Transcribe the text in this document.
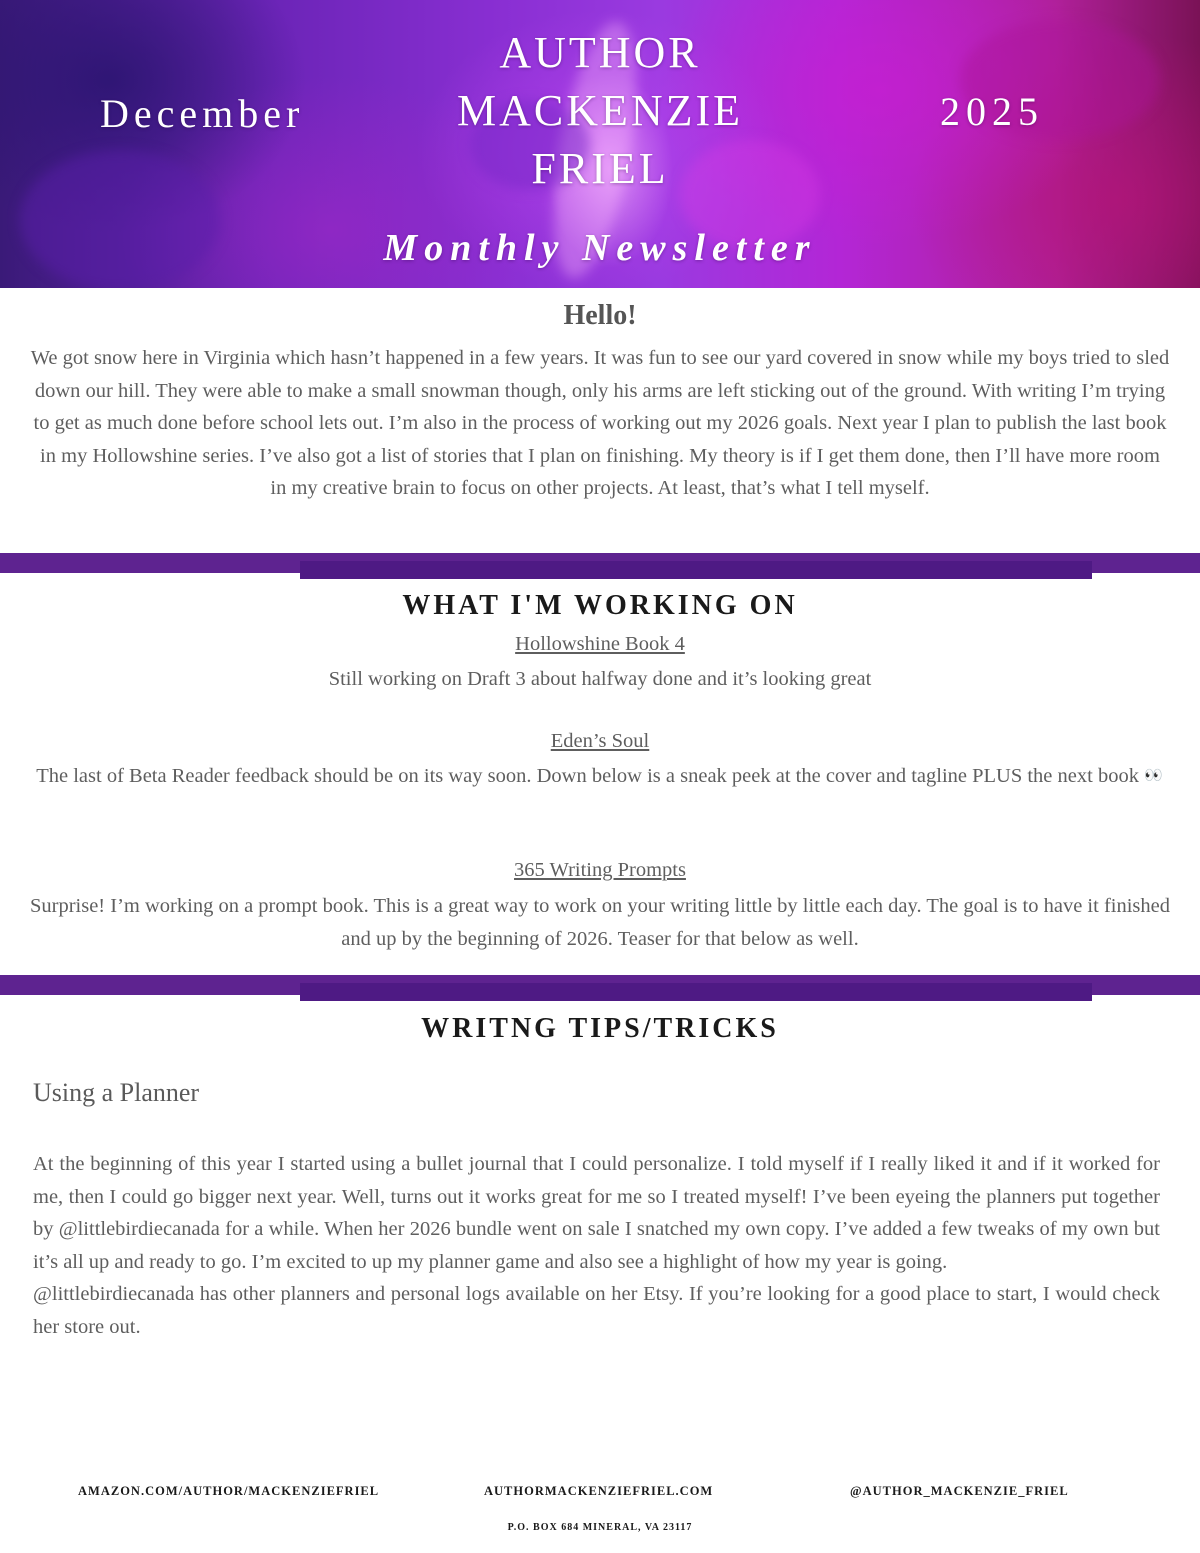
December
AUTHOR
MACKENZIE
FRIEL
2025
Monthly Newsletter
Hello!
We got snow here in Virginia which hasn’t happened in a few years. It was fun to see our yard covered in snow while my boys tried to sled down our hill. They were able to make a small snowman though, only his arms are left sticking out of the ground. With writing I’m trying to get as much done before school lets out. I’m also in the process of working out my 2026 goals. Next year I plan to publish the last book in my Hollowshine series. I’ve also got a list of stories that I plan on finishing. My theory is if I get them done, then I’ll have more room in my creative brain to focus on other projects. At least, that’s what I tell myself.
WHAT I'M WORKING ON
Hollowshine Book 4
Still working on Draft 3 about halfway done and it’s looking great
Eden’s Soul
The last of Beta Reader feedback should be on its way soon. Down below is a sneak peek at the cover and tagline PLUS the next book 👀
365 Writing Prompts
Surprise! I’m working on a prompt book. This is a great way to work on your writing little by little each day. The goal is to have it finished and up by the beginning of 2026. Teaser for that below as well.
WRITNG TIPS/TRICKS
Using a Planner

At the beginning of this year I started using a bullet journal that I could personalize. I told myself if I really liked it and if it worked for me, then I could go bigger next year. Well, turns out it works great for me so I treated myself! I’ve been eyeing the planners put together by @littlebirdiecanada for a while. When her 2026 bundle went on sale I snatched my own copy. I’ve added a few tweaks of my own but it’s all up and ready to go. I’m excited to up my planner game and also see a highlight of how my year is going.

@littlebirdiecanada has other planners and personal logs available on her Etsy. If you’re looking for a good place to start, I would check her store out.

AMAZON.COM/AUTHOR/MACKENZIEFRIEL	AUTHORMACKENZIEFRIEL.COM	@AUTHOR_MACKENZIE_FRIEL
P.O. BOX 684 MINERAL, VA 23117
